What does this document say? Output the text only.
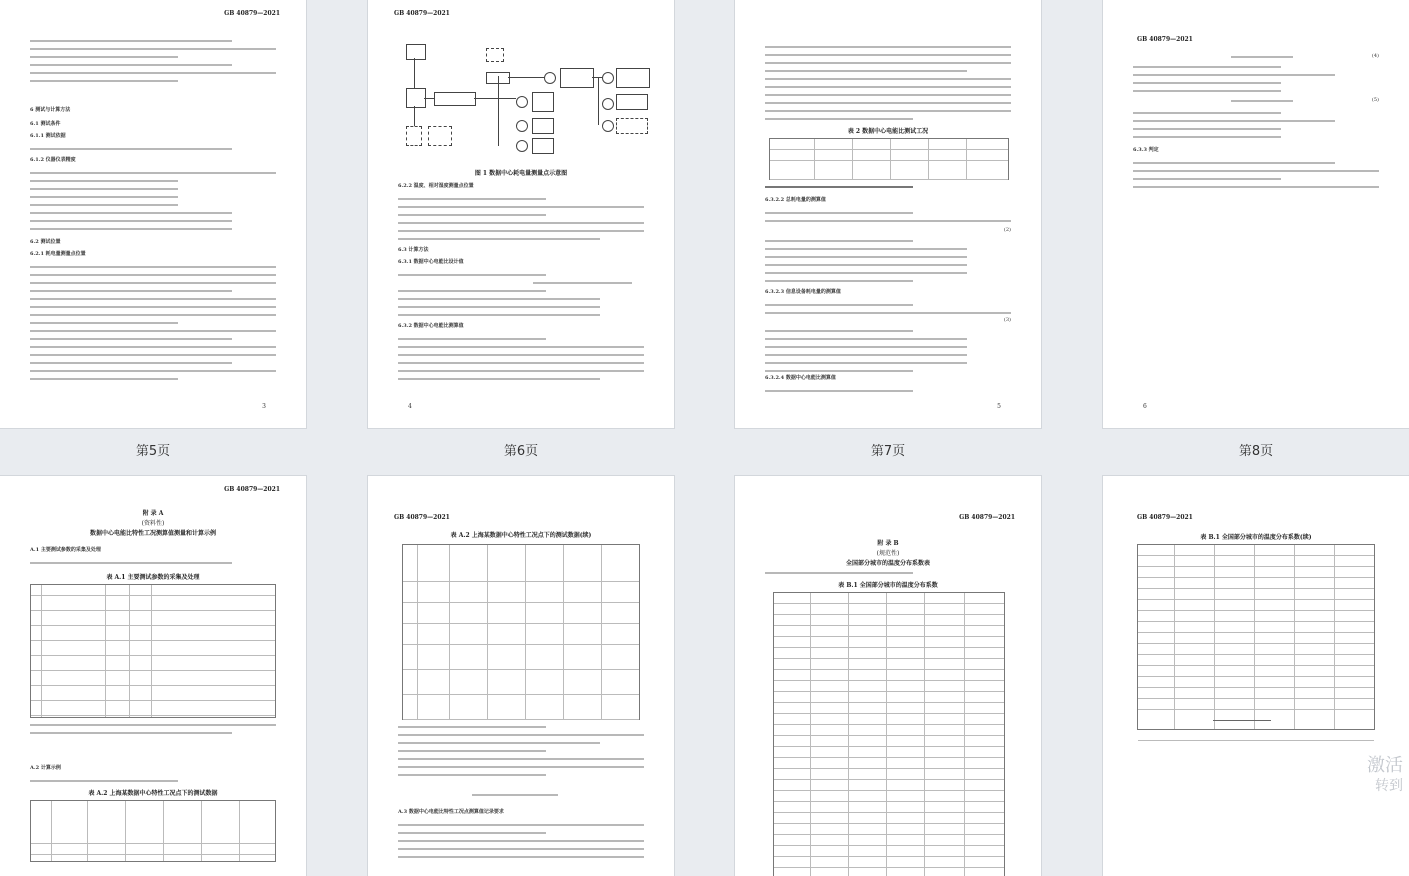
GB 40879—2021
6 测试与计算方法
6.1 测试条件
6.1.1 测试依据
6.1.2 仪器仪表精度
6.2 测试位置
6.2.1 耗电量测量点位置
3
第5页
GB 40879—2021
图 1 数据中心耗电量测量点示意图
6.2.2 温度、相对湿度测量点位置
6.3 计算方法
6.3.1 数据中心电能比设计值
6.3.2 数据中心电能比测算值
4
第6页
表 2 数据中心电能比测试工况
6.3.2.2 总耗电量的测算值
(2)
6.3.2.3 信息设备耗电量的测算值
(3)
6.3.2.4 数据中心电能比测算值
5
第7页
GB 40879—2021
(4)
(5)
6.3.3 判定
6
第8页
GB 40879—2021
附 录 A
(资料性)
数据中心电能比特性工况测算值测量和计算示例
A.1 主要测试参数的采集及处理
表 A.1 主要测试参数的采集及处理
A.2 计算示例
表 A.2 上海某数据中心特性工况点下的测试数据
GB 40879—2021
表 A.2 上海某数据中心特性工况点下的测试数据(续)
A.3 数据中心电能比特性工况点测算值记录要求
GB 40879—2021
附 录 B
(规范性)
全国部分城市的温度分布系数表
表 B.1 全国部分城市的温度分布系数
GB 40879—2021
表 B.1 全国部分城市的温度分布系数(续)
激活
转到
